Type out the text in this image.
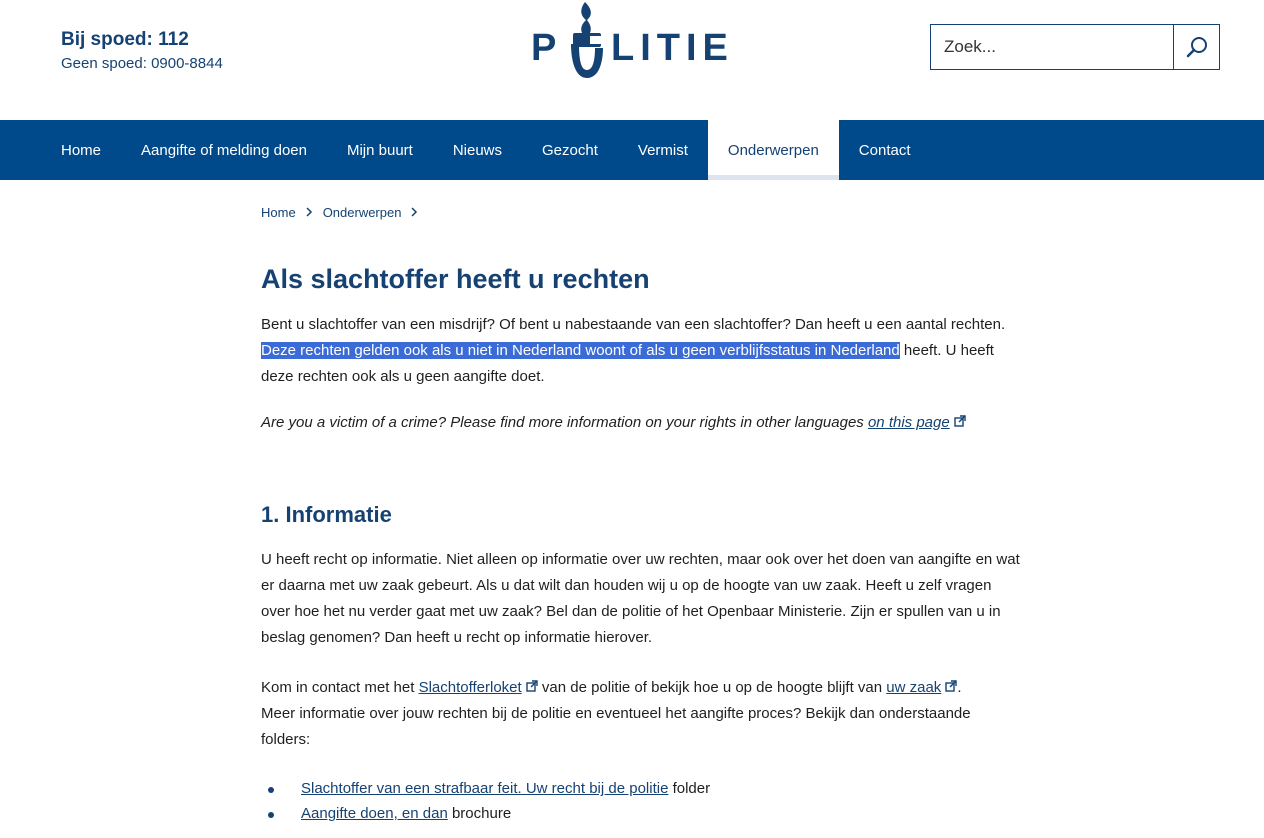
Bij spoed: 112
Geen spoed: 0900-8844	P LITIE
Zoek...
Home	Aangifte of melding doen	Mijn buurt	Nieuws	Gezocht	Vermist	Onderwerpen	Contact
Home Onderwerpen
Als slachtoffer heeft u rechten

Bent u slachtoffer van een misdrijf? Of bent u nabestaande van een slachtoffer? Dan heeft u een aantal rechten. Deze rechten gelden ook als u niet in Nederland woont of als u geen verblijfsstatus in Nederland heeft. U heeft deze rechten ook als u geen aangifte doet.

Are you a victim of a crime? Please find more information on your rights in other languages on this page

1. Informatie

U heeft recht op informatie. Niet alleen op informatie over uw rechten, maar ook over het doen van aangifte en wat er daarna met uw zaak gebeurt. Als u dat wilt dan houden wij u op de hoogte van uw zaak. Heeft u zelf vragen over hoe het nu verder gaat met uw zaak? Bel dan de politie of het Openbaar Ministerie. Zijn er spullen van u in beslag genomen? Dan heeft u recht op informatie hierover.

Kom in contact met het Slachtofferloket van de politie of bekijk hoe u op de hoogte blijft van uw zaak .
Meer informatie over jouw rechten bij de politie en eventueel het aangifte proces? Bekijk dan onderstaande folders:

Slachtoffer van een strafbaar feit. Uw recht bij de politie folder
Aangifte doen, en dan brochure
